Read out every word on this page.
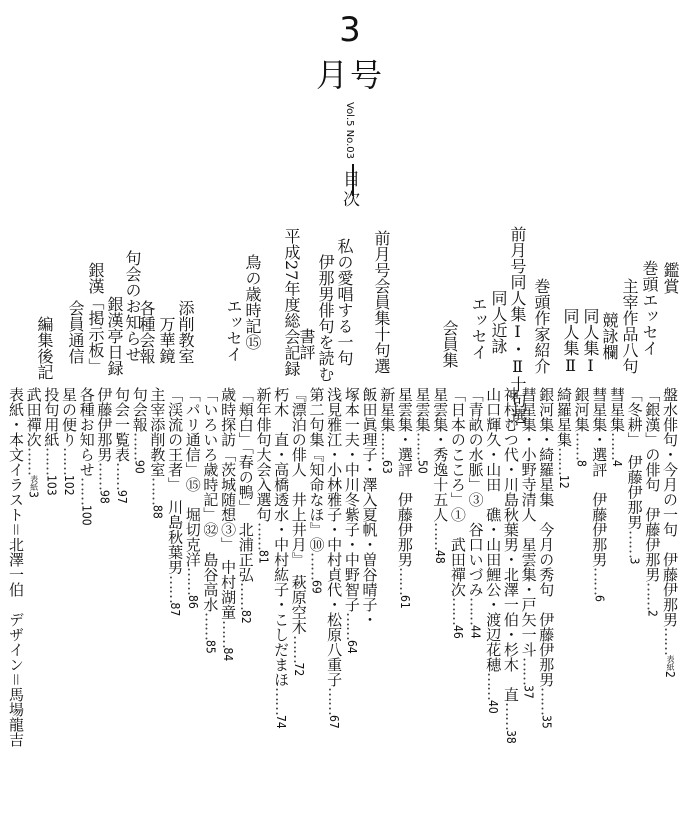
3
月号
Vol.5 No.03
目次
鑑賞
巻頭エッセイ
主宰作品八句
競詠欄
同人集Ⅰ
同人集Ⅱ
巻頭作家紹介
前月号同人集Ⅰ・Ⅱ十句選
同人近詠
エッセイ
会員集
前月号会員集十句選
私の愛唱する一句
伊那男俳句を読む
書評
平成27年度総会記録
鳥の歳時記⑮
エッセイ
添削教室
万華鏡
句会のお知らせ
各種会報
銀漢亭日録
銀漢「掲示板」
会員通信
編集後記
盤水俳句・今月の一句　伊藤伊那男……表紙2
「銀漢」の俳句　伊藤伊那男……2
「冬耕」　伊藤伊那男……3
彗星集……4
彗星集・選評　伊藤伊那男……6
銀河集……8
綺羅星集……12
銀河集・綺羅星集　今月の秀句　伊藤伊那男……35
彗星集・小野寺清人　星雲集・戸矢一斗……37
神村むつ代・川島秋葉男・北澤一伯・杉木　直……38
山口輝久・山田　礁・山田鯉公・渡辺花穂……40
「青畝の水脈」③　谷口いづみ……44
「日本のこころ」①　武田禪次……46
星雲集・秀逸十五人……48
星雲集……50
星雲集・選評　伊藤伊那男……61
新星集……63
飯田眞理子・澤入夏帆・曽谷晴子・
塚本一夫・中川冬紫子・中野智子……64
浅見雅江・小林雅子・中村貞代・松原八重子……67
第二句集『知命なほ』⑩……69
『漂泊の俳人　井上井月』　萩原空木……72
朽木　直・高橋透水・中村紘子・こしだまほ……74
新年俳句大会入選句……81
「頬白」「春の鴨」　北浦正弘……82
歳時探訪「茨城随想③」　中村湖童……84
「いろいろ歳時記」㉜　島谷高水……85
「パリ通信」⑮　堀切克洋……86
「渓流の王者」　川島秋葉男……87
主宰添削教室……88
句会報……90
句会一覧表……97
伊藤伊那男……98
各種お知らせ……100
星の便り……102
投句用紙……103
武田禪次……表紙3
表紙・本文イラスト＝北澤一伯　デザイン＝馬場龍吉
